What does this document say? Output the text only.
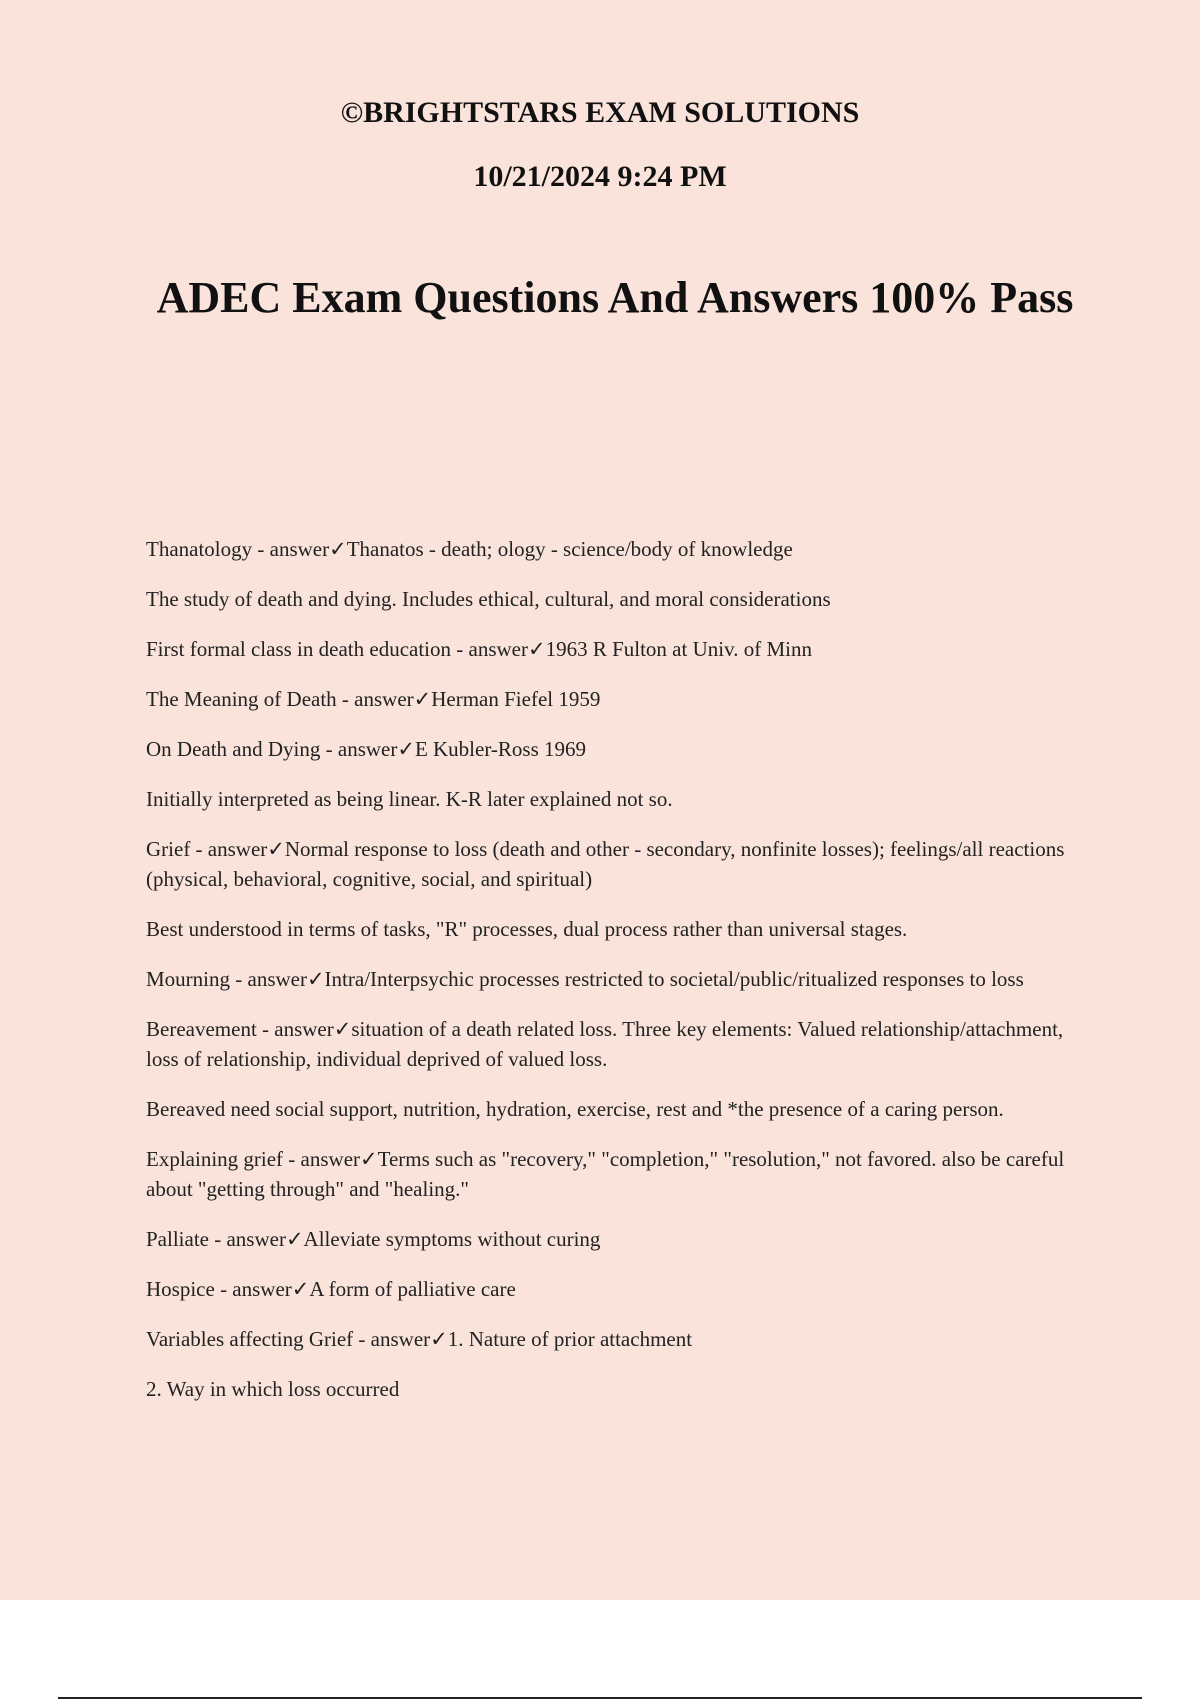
©BRIGHTSTARS EXAM SOLUTIONS
10/21/2024 9:24 PM
ADEC Exam Questions And Answers 100% Pass
Thanatology - answer✓Thanatos - death; ology - science/body of knowledge
The study of death and dying. Includes ethical, cultural, and moral considerations
First formal class in death education - answer✓1963 R Fulton at Univ. of Minn
The Meaning of Death - answer✓Herman Fiefel 1959
On Death and Dying - answer✓E Kubler-Ross 1969
Initially interpreted as being linear. K-R later explained not so.
Grief - answer✓Normal response to loss (death and other - secondary, nonfinite losses); feelings/all reactions (physical, behavioral, cognitive, social, and spiritual)
Best understood in terms of tasks, "R" processes, dual process rather than universal stages.
Mourning - answer✓Intra/Interpsychic processes restricted to societal/public/ritualized responses to loss
Bereavement - answer✓situation of a death related loss. Three key elements: Valued relationship/attachment, loss of relationship, individual deprived of valued loss.
Bereaved need social support, nutrition, hydration, exercise, rest and *the presence of a caring person.
Explaining grief - answer✓Terms such as "recovery," "completion," "resolution," not favored. also be careful about "getting through" and "healing."
Palliate - answer✓Alleviate symptoms without curing
Hospice - answer✓A form of palliative care
Variables affecting Grief - answer✓1. Nature of prior attachment
2. Way in which loss occurred
